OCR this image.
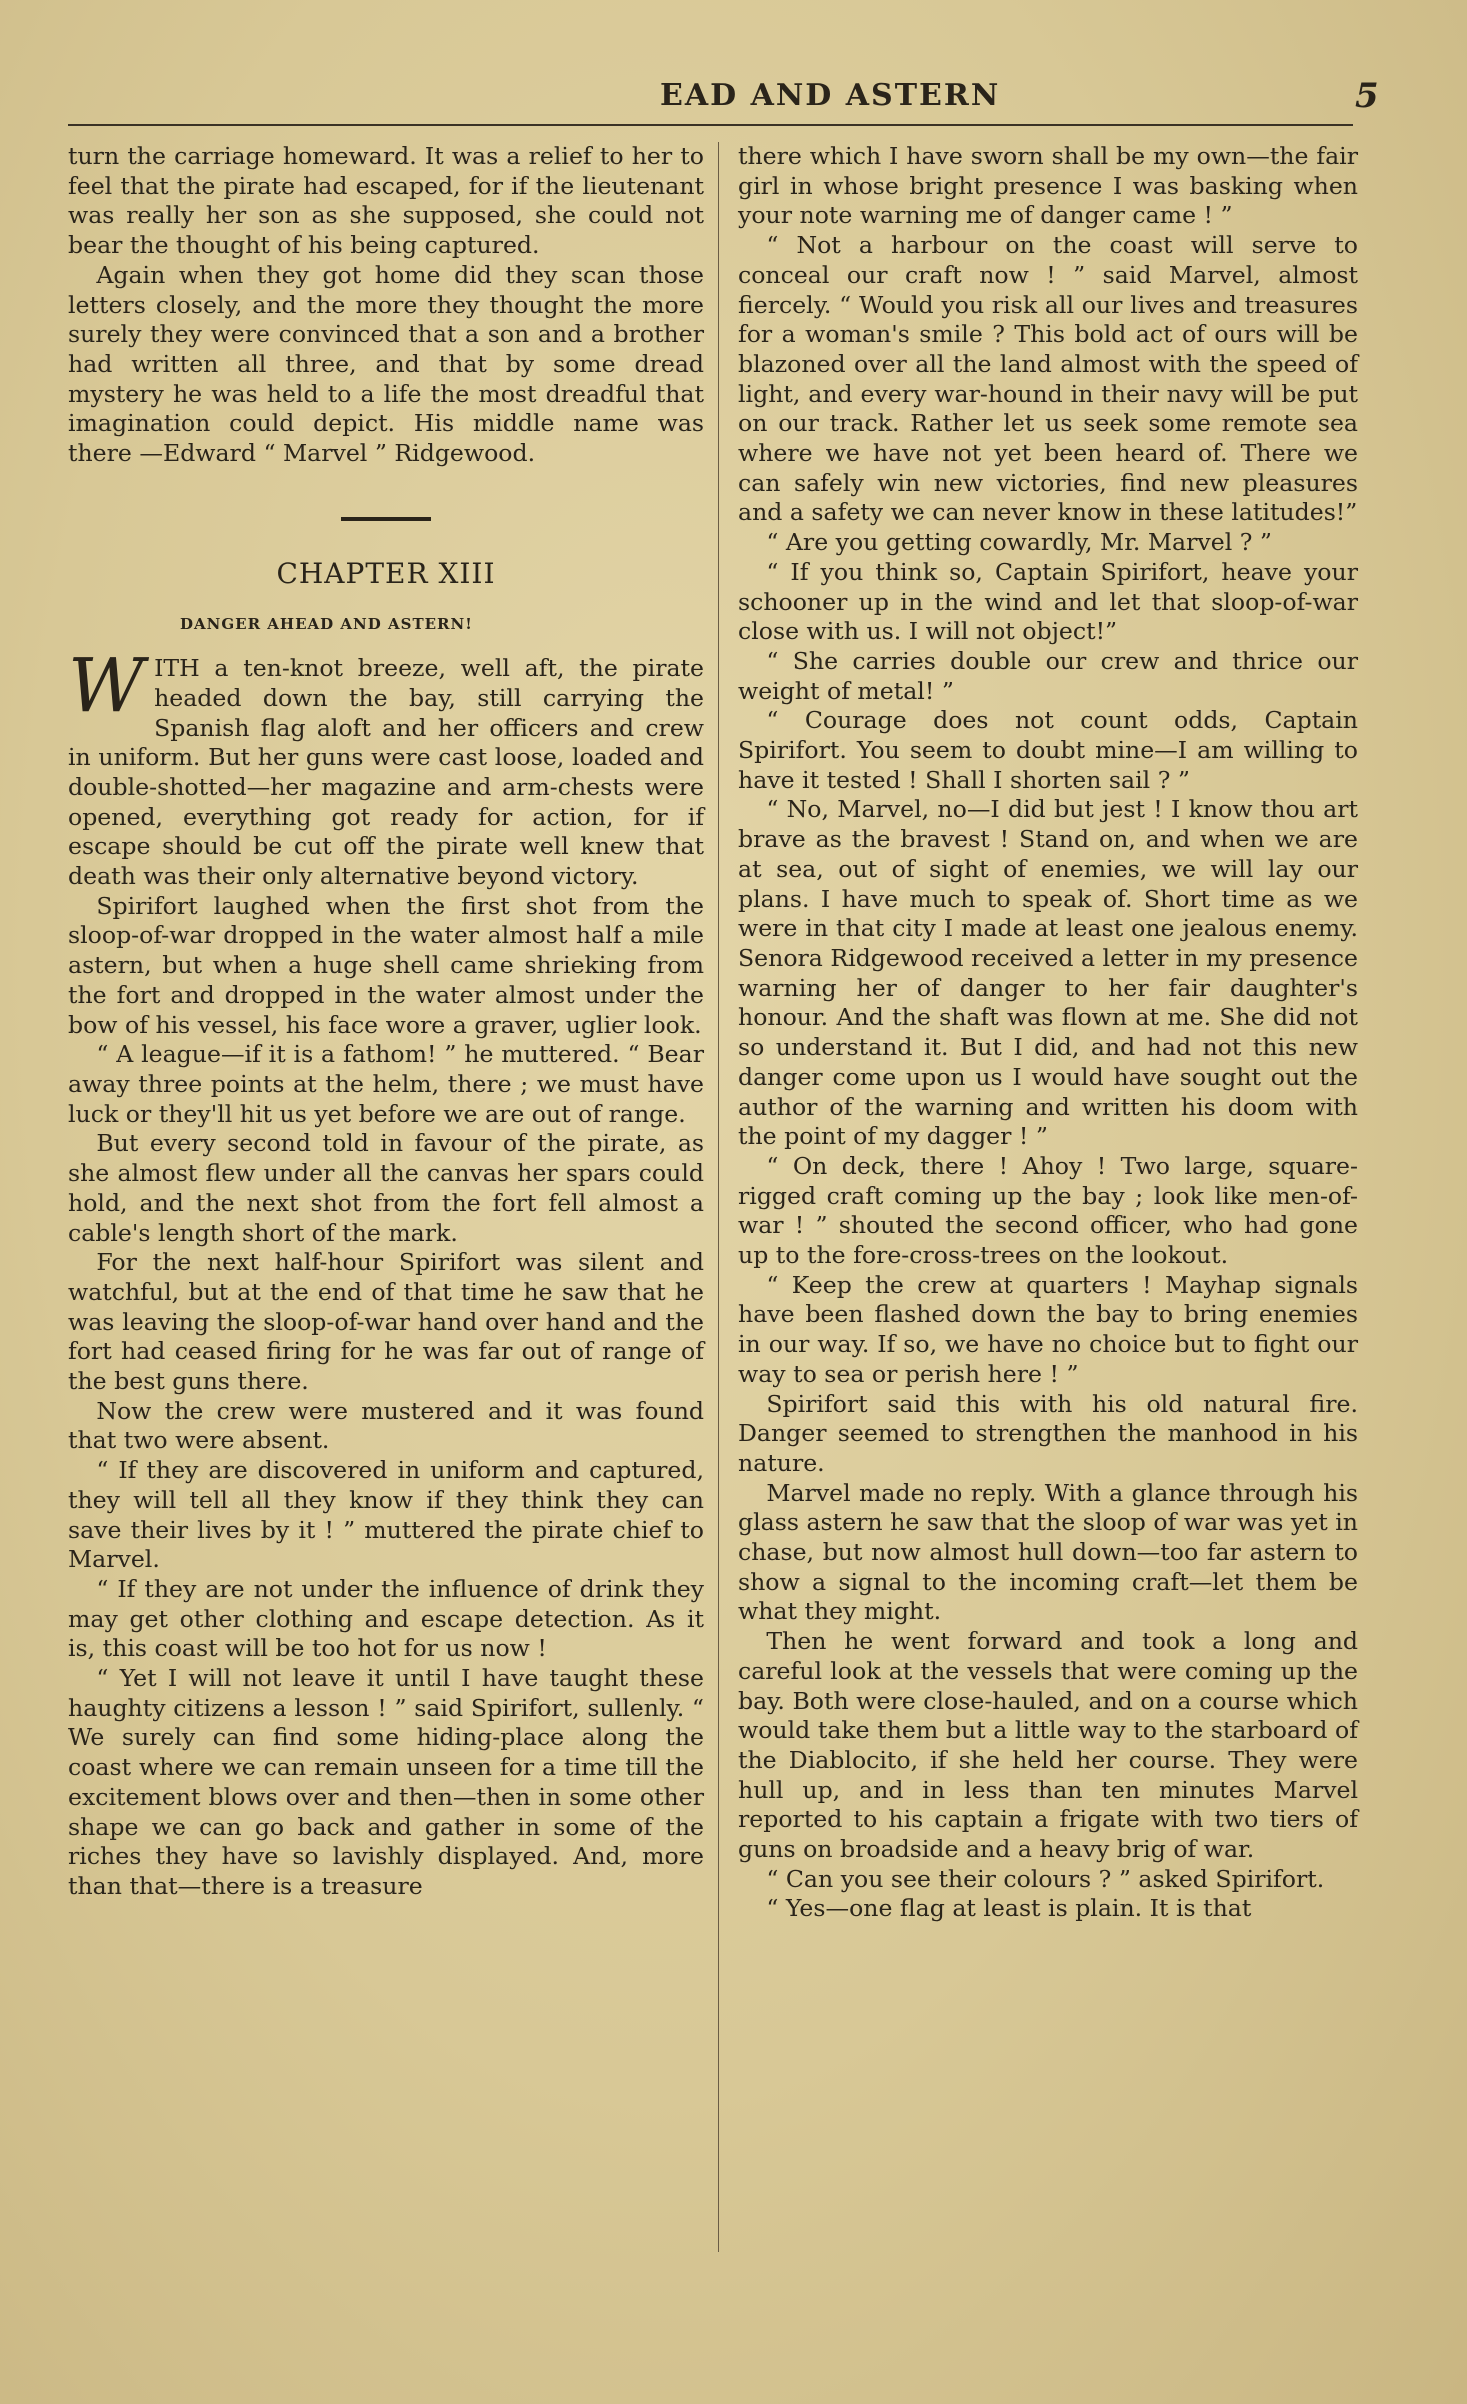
EAD AND ASTERN	5

turn the carriage homeward. It was a relief to her to feel that the pirate had escaped, for if the lieutenant was really her son as she supposed, she could not bear the thought of his being captured.

Again when they got home did they scan those letters closely, and the more they thought the more surely they were convinced that a son and a brother had written all three, and that by some dread mystery he was held to a life the most dreadful that imagination could depict. His middle name was there —Edward “ Marvel ” Ridgewood.

CHAPTER XIII
DANGER AHEAD AND ASTERN!

WITH a ten-knot breeze, well aft, the pirate headed down the bay, still carrying the Spanish flag aloft and her officers and crew in uniform. But her guns were cast loose, loaded and double-shotted—her magazine and arm-chests were opened, everything got ready for action, for if escape should be cut off the pirate well knew that death was their only alternative beyond victory.

Spirifort laughed when the first shot from the sloop-of-war dropped in the water almost half a mile astern, but when a huge shell came shrieking from the fort and dropped in the water almost under the bow of his vessel, his face wore a graver, uglier look.

“ A league—if it is a fathom! ” he muttered. “ Bear away three points at the helm, there ; we must have luck or they'll hit us yet before we are out of range.

But every second told in favour of the pirate, as she almost flew under all the canvas her spars could hold, and the next shot from the fort fell almost a cable's length short of the mark.

For the next half-hour Spirifort was silent and watchful, but at the end of that time he saw that he was leaving the sloop-of-war hand over hand and the fort had ceased firing for he was far out of range of the best guns there.

Now the crew were mustered and it was found that two were absent.

“ If they are discovered in uniform and captured, they will tell all they know if they think they can save their lives by it ! ” muttered the pirate chief to Marvel.

“ If they are not under the influence of drink they may get other clothing and escape detection. As it is, this coast will be too hot for us now !

“ Yet I will not leave it until I have taught these haughty citizens a lesson ! ” said Spirifort, sullenly. “ We surely can find some hiding-place along the coast where we can remain unseen for a time till the excitement blows over and then—then in some other shape we can go back and gather in some of the riches they have so lavishly displayed. And, more than that—there is a treasure

there which I have sworn shall be my own—the fair girl in whose bright presence I was basking when your note warning me of danger came ! ”

“ Not a harbour on the coast will serve to conceal our craft now ! ” said Marvel, almost fiercely. “ Would you risk all our lives and treasures for a woman's smile ? This bold act of ours will be blazoned over all the land almost with the speed of light, and every war-hound in their navy will be put on our track. Rather let us seek some remote sea where we have not yet been heard of. There we can safely win new victories, find new pleasures and a safety we can never know in these latitudes!”

“ Are you getting cowardly, Mr. Marvel ? ”

“ If you think so, Captain Spirifort, heave your schooner up in the wind and let that sloop-of-war close with us. I will not object!”

“ She carries double our crew and thrice our weight of metal! ”

“ Courage does not count odds, Captain Spirifort. You seem to doubt mine—I am willing to have it tested ! Shall I shorten sail ? ”

“ No, Marvel, no—I did but jest ! I know thou art brave as the bravest ! Stand on, and when we are at sea, out of sight of enemies, we will lay our plans. I have much to speak of. Short time as we were in that city I made at least one jealous enemy. Senora Ridgewood received a letter in my presence warning her of danger to her fair daughter's honour. And the shaft was flown at me. She did not so understand it. But I did, and had not this new danger come upon us I would have sought out the author of the warning and written his doom with the point of my dagger ! ”

“ On deck, there ! Ahoy ! Two large, square-rigged craft coming up the bay ; look like men-of-war ! ” shouted the second officer, who had gone up to the fore-cross-trees on the lookout.

“ Keep the crew at quarters ! Mayhap signals have been flashed down the bay to bring enemies in our way. If so, we have no choice but to fight our way to sea or perish here ! ”

Spirifort said this with his old natural fire. Danger seemed to strengthen the manhood in his nature.

Marvel made no reply. With a glance through his glass astern he saw that the sloop of war was yet in chase, but now almost hull down—too far astern to show a signal to the incoming craft—let them be what they might.

Then he went forward and took a long and careful look at the vessels that were coming up the bay. Both were close-hauled, and on a course which would take them but a little way to the starboard of the Diablocito, if she held her course. They were hull up, and in less than ten minutes Marvel reported to his captain a frigate with two tiers of guns on broadside and a heavy brig of war.

“ Can you see their colours ? ” asked Spirifort.

“ Yes—one flag at least is plain. It is that
